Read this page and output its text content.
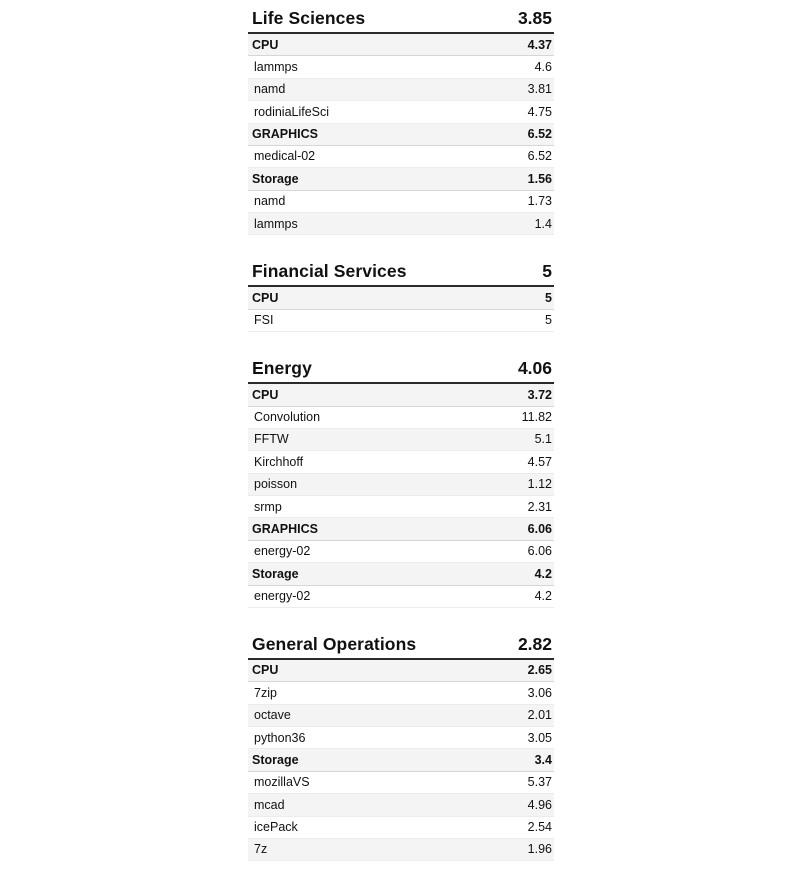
Life Sciences	3.85
CPU	4.37
lammps	4.6
namd	3.81
rodiniaLifeSci	4.75
GRAPHICS	6.52
medical-02	6.52
Storage	1.56
namd	1.73
lammps	1.4
Financial Services	5
CPU	5
FSI	5
Energy	4.06
CPU	3.72
Convolution	11.82
FFTW	5.1
Kirchhoff	4.57
poisson	1.12
srmp	2.31
GRAPHICS	6.06
energy-02	6.06
Storage	4.2
energy-02	4.2
General Operations	2.82
CPU	2.65
7zip	3.06
octave	2.01
python36	3.05
Storage	3.4
mozillaVS	5.37
mcad	4.96
icePack	2.54
7z	1.96
